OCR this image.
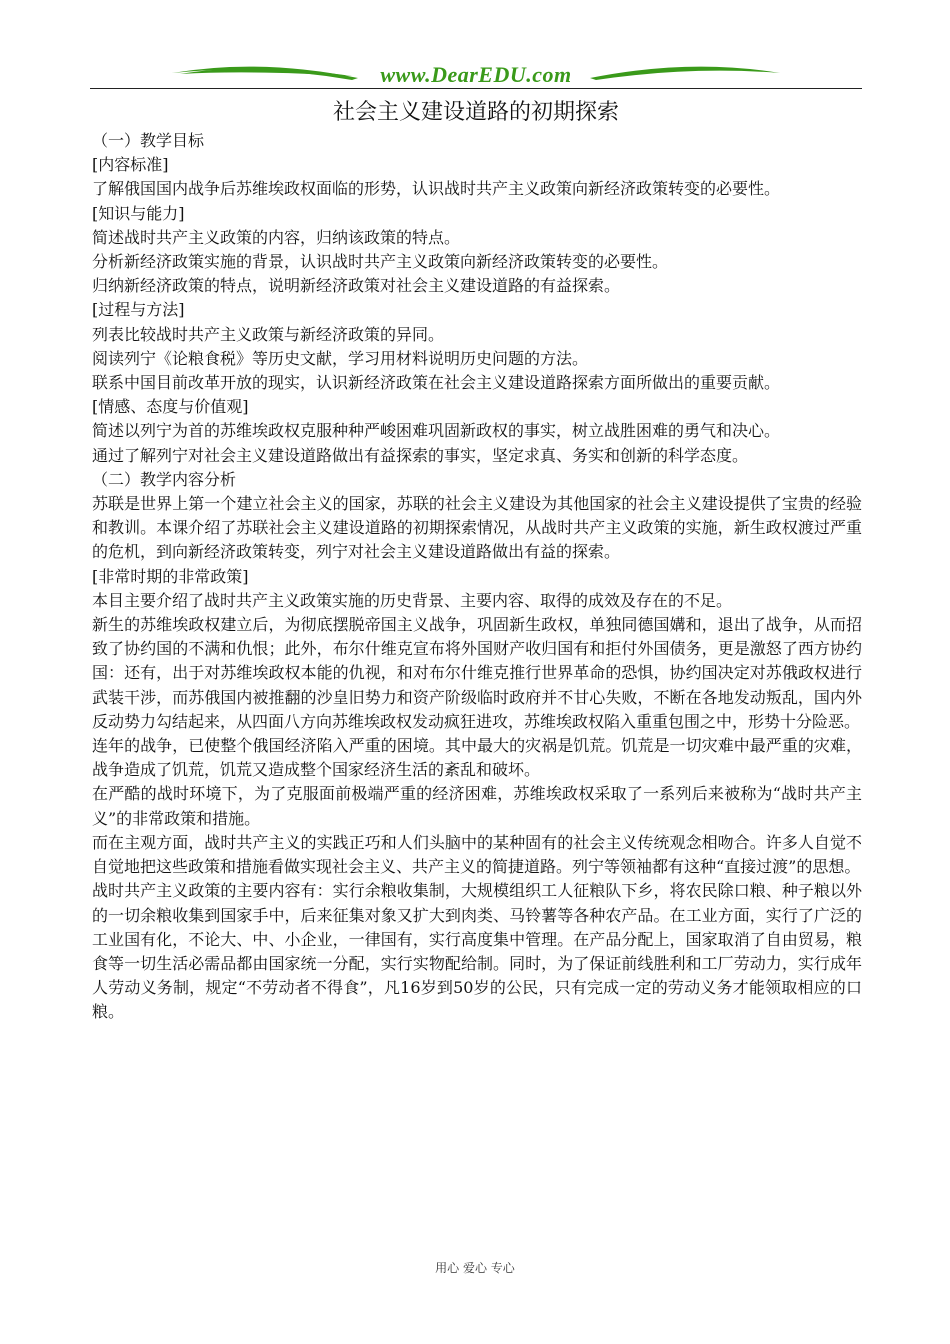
www.DearEDU.com
社会主义建设道路的初期探索

（一）教学目标

[内容标准]

了解俄国国内战争后苏维埃政权面临的形势，认识战时共产主义政策向新经济政策转变的必要性。

[知识与能力]

简述战时共产主义政策的内容，归纳该政策的特点。

分析新经济政策实施的背景，认识战时共产主义政策向新经济政策转变的必要性。

归纳新经济政策的特点，说明新经济政策对社会主义建设道路的有益探索。

[过程与方法]

列表比较战时共产主义政策与新经济政策的异同。

阅读列宁《论粮食税》等历史文献，学习用材料说明历史问题的方法。

联系中国目前改革开放的现实，认识新经济政策在社会主义建设道路探索方面所做出的重要贡献。

[情感、态度与价值观]

简述以列宁为首的苏维埃政权克服种种严峻困难巩固新政权的事实，树立战胜困难的勇气和决心。

通过了解列宁对社会主义建设道路做出有益探索的事实，坚定求真、务实和创新的科学态度。

（二）教学内容分析

苏联是世界上第一个建立社会主义的国家，苏联的社会主义建设为其他国家的社会主义建设提供了宝贵的经验和教训。本课介绍了苏联社会主义建设道路的初期探索情况，从战时共产主义政策的实施，新生政权渡过严重的危机，到向新经济政策转变，列宁对社会主义建设道路做出有益的探索。

[非常时期的非常政策]

本目主要介绍了战时共产主义政策实施的历史背景、主要内容、取得的成效及存在的不足。

新生的苏维埃政权建立后，为彻底摆脱帝国主义战争，巩固新生政权，单独同德国媾和，退出了战争，从而招致了协约国的不满和仇恨；此外，布尔什维克宣布将外国财产收归国有和拒付外国债务，更是激怒了西方协约国：还有，出于对苏维埃政权本能的仇视，和对布尔什维克推行世界革命的恐惧，协约国决定对苏俄政权进行武装干涉，而苏俄国内被推翻的沙皇旧势力和资产阶级临时政府并不甘心失败，不断在各地发动叛乱，国内外反动势力勾结起来，从四面八方向苏维埃政权发动疯狂进攻，苏维埃政权陷入重重包围之中，形势十分险恶。

连年的战争，已使整个俄国经济陷入严重的困境。其中最大的灾祸是饥荒。饥荒是一切灾难中最严重的灾难，战争造成了饥荒，饥荒又造成整个国家经济生活的紊乱和破坏。

在严酷的战时环境下，为了克服面前极端严重的经济困难，苏维埃政权采取了一系列后来被称为“战时共产主义”的非常政策和措施。

而在主观方面，战时共产主义的实践正巧和人们头脑中的某种固有的社会主义传统观念相吻合。许多人自觉不自觉地把这些政策和措施看做实现社会主义、共产主义的简捷道路。列宁等领袖都有这种“直接过渡”的思想。

战时共产主义政策的主要内容有：实行余粮收集制，大规模组织工人征粮队下乡，将农民除口粮、种子粮以外的一切余粮收集到国家手中，后来征集对象又扩大到肉类、马铃薯等各种农产品。在工业方面，实行了广泛的工业国有化，不论大、中、小企业，一律国有，实行高度集中管理。在产品分配上，国家取消了自由贸易，粮食等一切生活必需品都由国家统一分配，实行实物配给制。同时，为了保证前线胜利和工厂劳动力，实行成年人劳动义务制，规定“不劳动者不得食”，凡16岁到50岁的公民，只有完成一定的劳动义务才能领取相应的口粮。

用心 爱心 专心
